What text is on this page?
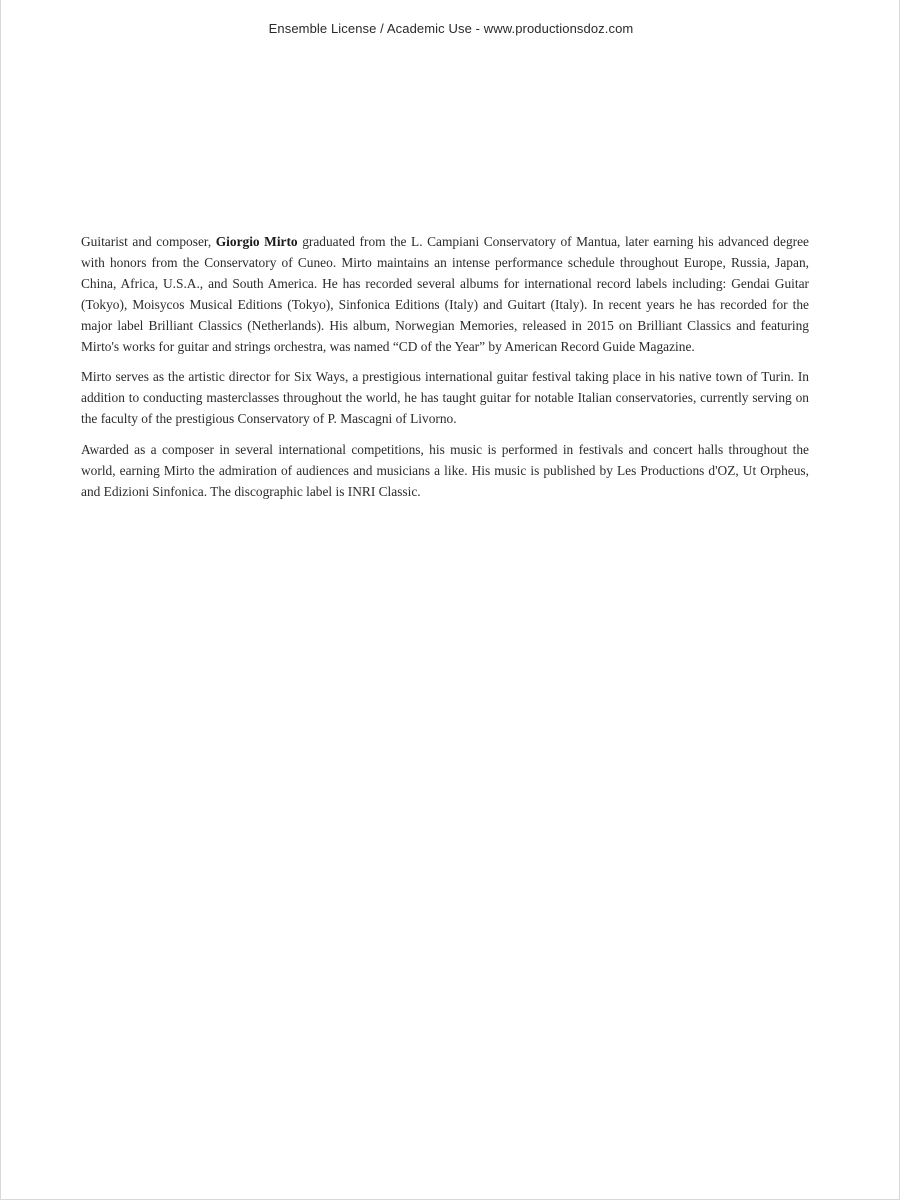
Ensemble License / Academic Use - www.productionsdoz.com

Guitarist and composer, Giorgio Mirto graduated from the L. Campiani Conservatory of Mantua, later earning his advanced degree with honors from the Conservatory of Cuneo. Mirto maintains an intense performance schedule throughout Europe, Russia, Japan, China, Africa, U.S.A., and South America. He has recorded several albums for international record labels including: Gendai Guitar (Tokyo), Moisycos Musical Editions (Tokyo), Sinfonica Editions (Italy) and Guitart (Italy). In recent years he has recorded for the major label Brilliant Classics (Netherlands). His album, Norwegian Memories, released in 2015 on Brilliant Classics and featuring Mirto's works for guitar and strings orchestra, was named “CD of the Year” by American Record Guide Magazine.

Mirto serves as the artistic director for Six Ways, a prestigious international guitar festival taking place in his native town of Turin. In addition to conducting masterclasses throughout the world, he has taught guitar for notable Italian conservatories, currently serving on the faculty of the prestigious Conservatory of P. Mascagni of Livorno.

Awarded as a composer in several international competitions, his music is performed in festivals and concert halls throughout the world, earning Mirto the admiration of audiences and musicians a like. His music is published by Les Productions d'OZ, Ut Orpheus, and Edizioni Sinfonica. The discographic label is INRI Classic.
